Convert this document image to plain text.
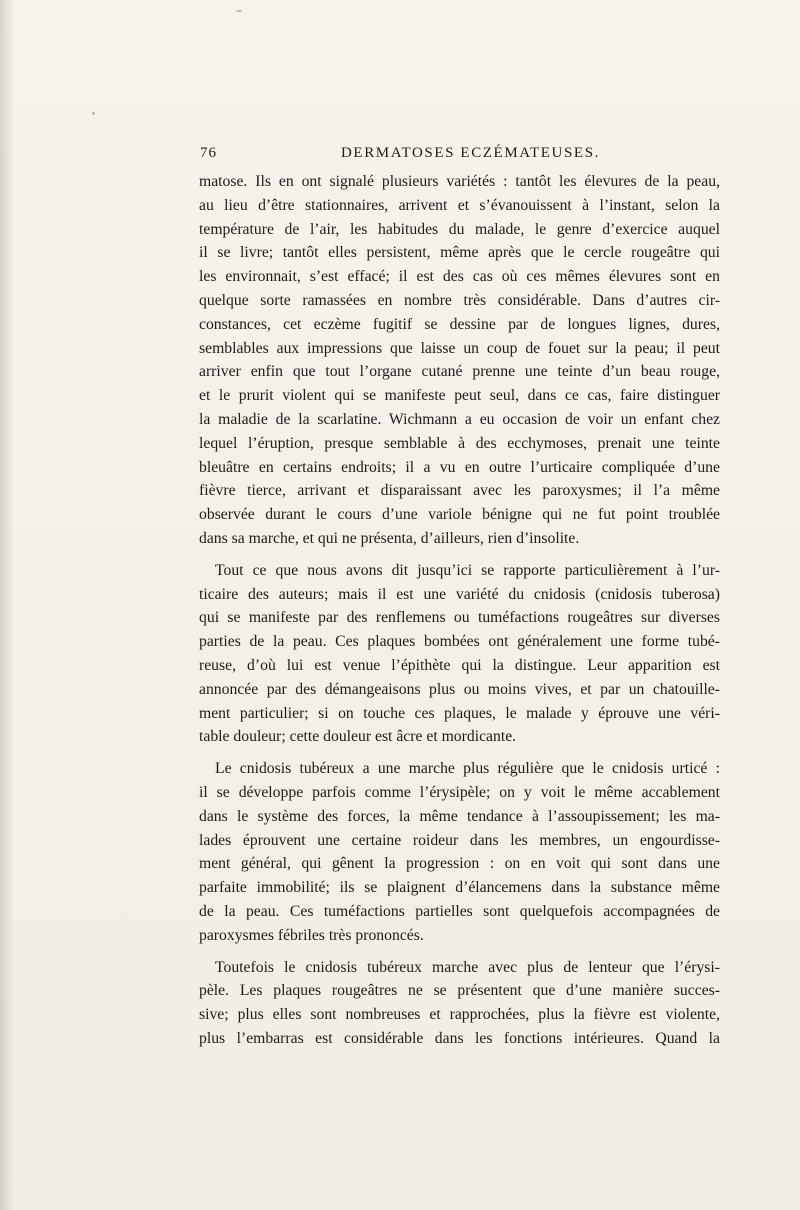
76	DERMATOSES ECZÉMATEUSES.

matose. Ils en ont signalé plusieurs variétés : tantôt les élevures de la peau,

au lieu d’être stationnaires, arrivent et s’évanouissent à l’instant, selon la

température de l’air, les habitudes du malade, le genre d’exercice auquel

il se livre; tantôt elles persistent, même après que le cercle rougeâtre qui

les environnait, s’est effacé; il est des cas où ces mêmes élevures sont en

quelque sorte ramassées en nombre très considérable. Dans d’autres cir-

constances, cet eczème fugitif se dessine par de longues lignes, dures,

semblables aux impressions que laisse un coup de fouet sur la peau; il peut

arriver enfin que tout l’organe cutané prenne une teinte d’un beau rouge,

et le prurit violent qui se manifeste peut seul, dans ce cas, faire distinguer

la maladie de la scarlatine. Wichmann a eu occasion de voir un enfant chez

lequel l’éruption, presque semblable à des ecchymoses, prenait une teinte

bleuâtre en certains endroits; il a vu en outre l’urticaire compliquée d’une

fièvre tierce, arrivant et disparaissant avec les paroxysmes; il l’a même

observée durant le cours d’une variole bénigne qui ne fut point troublée

dans sa marche, et qui ne présenta, d’ailleurs, rien d’insolite.

Tout ce que nous avons dit jusqu’ici se rapporte particulièrement à l’ur-

ticaire des auteurs; mais il est une variété du cnidosis (cnidosis tuberosa)

qui se manifeste par des renflemens ou tuméfactions rougeâtres sur diverses

parties de la peau. Ces plaques bombées ont généralement une forme tubé-

reuse, d’où lui est venue l’épithète qui la distingue. Leur apparition est

annoncée par des démangeaisons plus ou moins vives, et par un chatouille-

ment particulier; si on touche ces plaques, le malade y éprouve une véri-

table douleur; cette douleur est âcre et mordicante.

Le cnidosis tubéreux a une marche plus régulière que le cnidosis urticé :

il se développe parfois comme l’érysipèle; on y voit le même accablement

dans le système des forces, la même tendance à l’assoupissement; les ma-

lades éprouvent une certaine roideur dans les membres, un engourdisse-

ment général, qui gênent la progression : on en voit qui sont dans une

parfaite immobilité; ils se plaignent d’élancemens dans la substance même

de la peau. Ces tuméfactions partielles sont quelquefois accompagnées de

paroxysmes fébriles très prononcés.

Toutefois le cnidosis tubéreux marche avec plus de lenteur que l’érysi-

pèle. Les plaques rougeâtres ne se présentent que d’une manière succes-

sive; plus elles sont nombreuses et rapprochées, plus la fièvre est violente,

plus l’embarras est considérable dans les fonctions intérieures. Quand la
